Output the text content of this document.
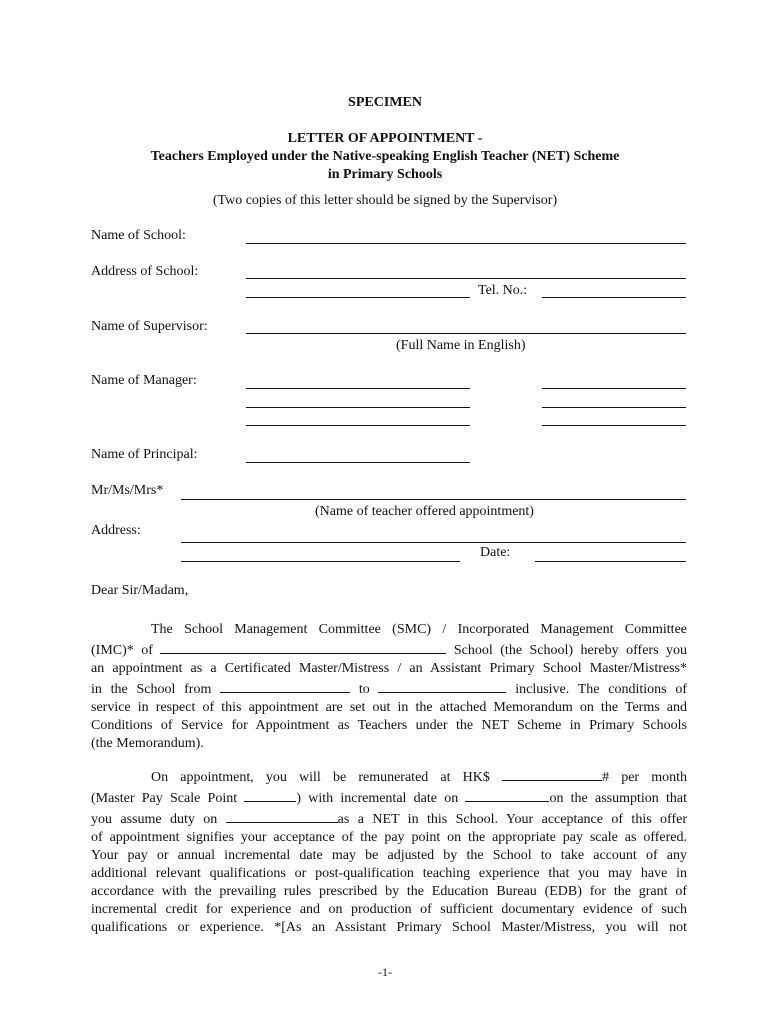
SPECIMEN
LETTER OF APPOINTMENT -
Teachers Employed under the Native-speaking English Teacher (NET) Scheme
in Primary Schools
(Two copies of this letter should be signed by the Supervisor)
Name of School:
Address of School:
Tel. No.:
Name of Supervisor:
(Full Name in English)
Name of Manager:
Name of Principal:
Mr/Ms/Mrs*
(Name of teacher offered appointment)
Address:
Date:
Dear Sir/Madam,
The School Management Committee (SMC) / Incorporated Management Committee
(IMC)* of	School (the School) hereby offers you
an appointment as a Certificated Master/Mistress / an Assistant Primary School Master/Mistress*
in the School from	to	inclusive. The conditions of
service in respect of this appointment are set out in the attached Memorandum on the Terms and
Conditions of Service for Appointment as Teachers under the NET Scheme in Primary Schools
(the Memorandum).
On appointment, you will be remunerated at HK$	# per month
(Master Pay Scale Point	) with incremental date on	on the assumption that
you assume duty on	as a NET in this School. Your acceptance of this offer
of appointment signifies your acceptance of the pay point on the appropriate pay scale as offered.
Your pay or annual incremental date may be adjusted by the School to take account of any
additional relevant qualifications or post-qualification teaching experience that you may have in
accordance with the prevailing rules prescribed by the Education Bureau (EDB) for the grant of
incremental credit for experience and on production of sufficient documentary evidence of such
qualifications or experience. *[As an Assistant Primary School Master/Mistress, you will not
-1-
